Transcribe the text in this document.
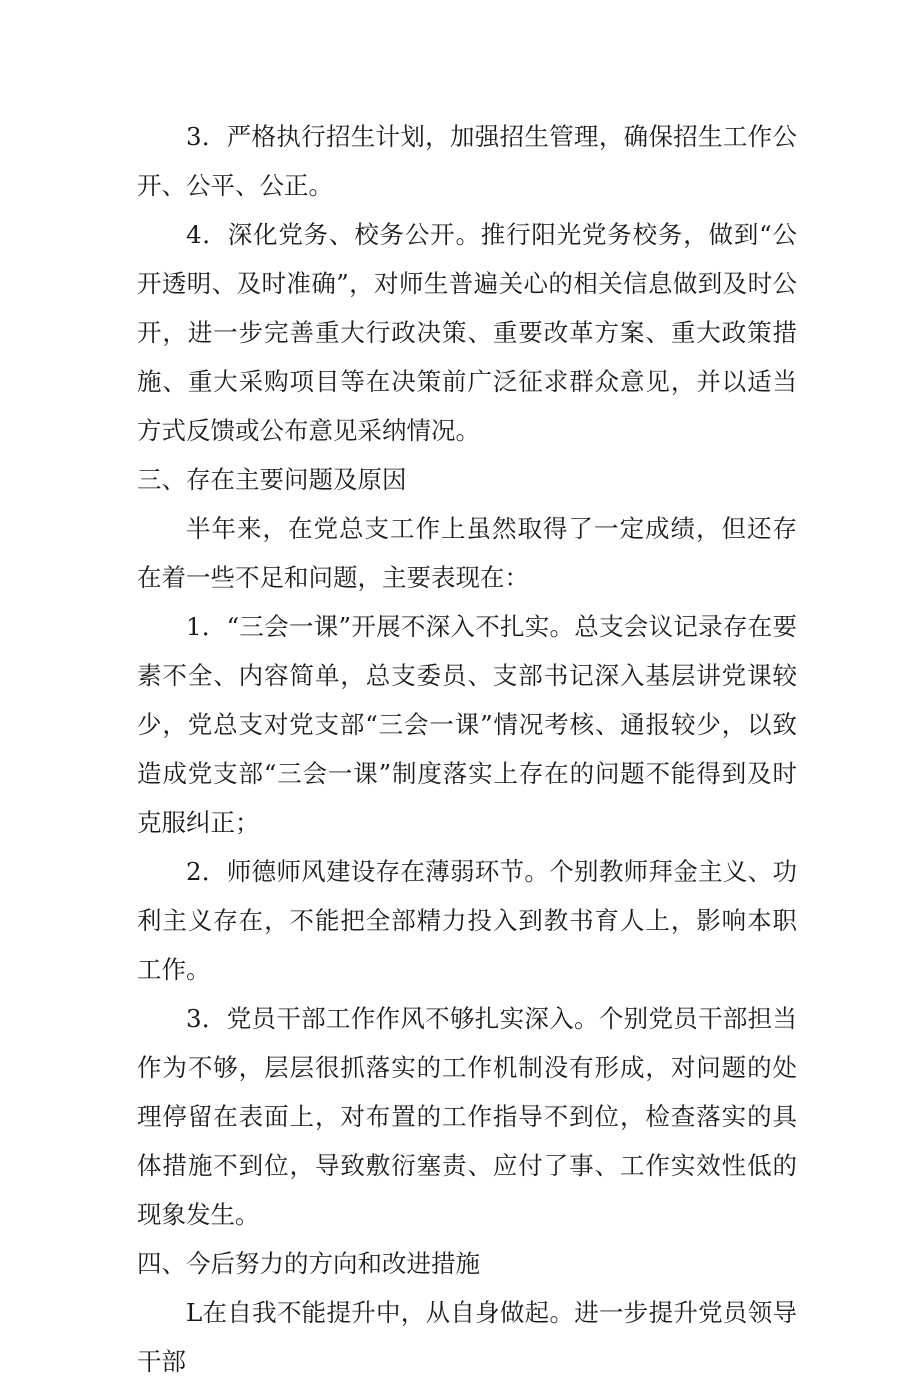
3．严格执行招生计划，加强招生管理，确保招生工作公开、公平、公正。

4．深化党务、校务公开。推行阳光党务校务，做到“公开透明、及时准确”，对师生普遍关心的相关信息做到及时公开，进一步完善重大行政决策、重要改革方案、重大政策措施、重大采购项目等在决策前广泛征求群众意见，并以适当方式反馈或公布意见采纳情况。

三、存在主要问题及原因

半年来，在党总支工作上虽然取得了一定成绩，但还存在着一些不足和问题，主要表现在：

1．“三会一课”开展不深入不扎实。总支会议记录存在要素不全、内容简单，总支委员、支部书记深入基层讲党课较少，党总支对党支部“三会一课”情况考核、通报较少，以致造成党支部“三会一课”制度落实上存在的问题不能得到及时克服纠正；

2．师德师风建设存在薄弱环节。个别教师拜金主义、功利主义存在，不能把全部精力投入到教书育人上，影响本职工作。

3．党员干部工作作风不够扎实深入。个别党员干部担当作为不够，层层很抓落实的工作机制没有形成，对问题的处理停留在表面上，对布置的工作指导不到位，检查落实的具体措施不到位，导致敷衍塞责、应付了事、工作实效性低的现象发生。

四、今后努力的方向和改进措施

L在自我不能提升中，从自身做起。进一步提升党员领导干部
